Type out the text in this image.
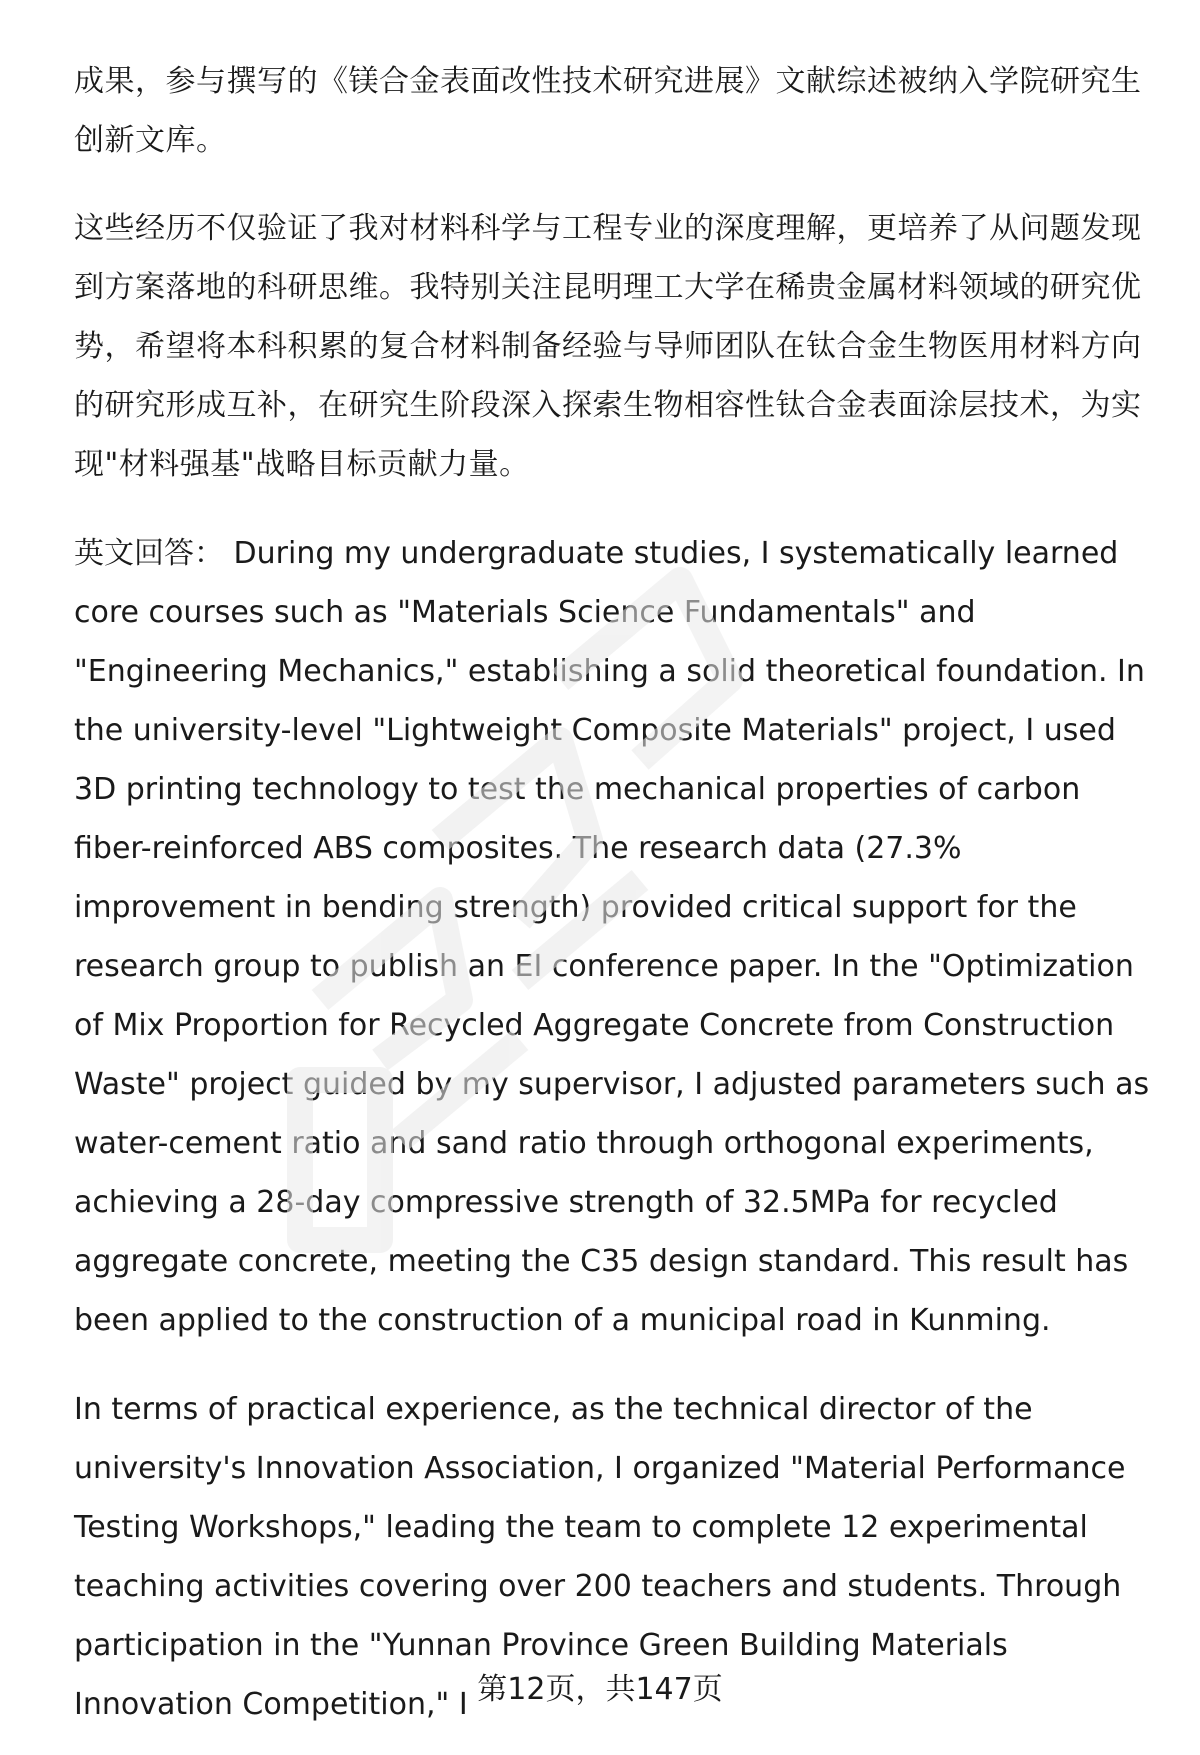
成果，参与撰写的《镁合金表面改性技术研究进展》文献综述被纳入学院研究生创新文库。

这些经历不仅验证了我对材料科学与工程专业的深度理解，更培养了从问题发现到方案落地的科研思维。我特别关注昆明理工大学在稀贵金属材料领域的研究优势，希望将本科积累的复合材料制备经验与导师团队在钛合金生物医用材料方向的研究形成互补，在研究生阶段深入探索生物相容性钛合金表面涂层技术，为实现"材料强基"战略目标贡献力量。

英文回答： During my undergraduate studies, I systematically learned core courses such as "Materials Science Fundamentals" and "Engineering Mechanics," establishing a solid theoretical foundation. In the university-level "Lightweight Composite Materials" project, I used 3D printing technology to test the mechanical properties of carbon fiber-reinforced ABS composites. The research data (27.3% improvement in bending strength) provided critical support for the research group to publish an EI conference paper. In the "Optimization of Mix Proportion for Recycled Aggregate Concrete from Construction Waste" project guided by my supervisor, I adjusted parameters such as water-cement ratio and sand ratio through orthogonal experiments, achieving a 28-day compressive strength of 32.5MPa for recycled aggregate concrete, meeting the C35 design standard. This result has been applied to the construction of a municipal road in Kunming.

In terms of practical experience, as the technical director of the university's Innovation Association, I organized "Material Performance Testing Workshops," leading the team to complete 12 experimental teaching activities covering over 200 teachers and students. Through participation in the "Yunnan Province Green Building Materials Innovation Competition," I 第12页，共147页
